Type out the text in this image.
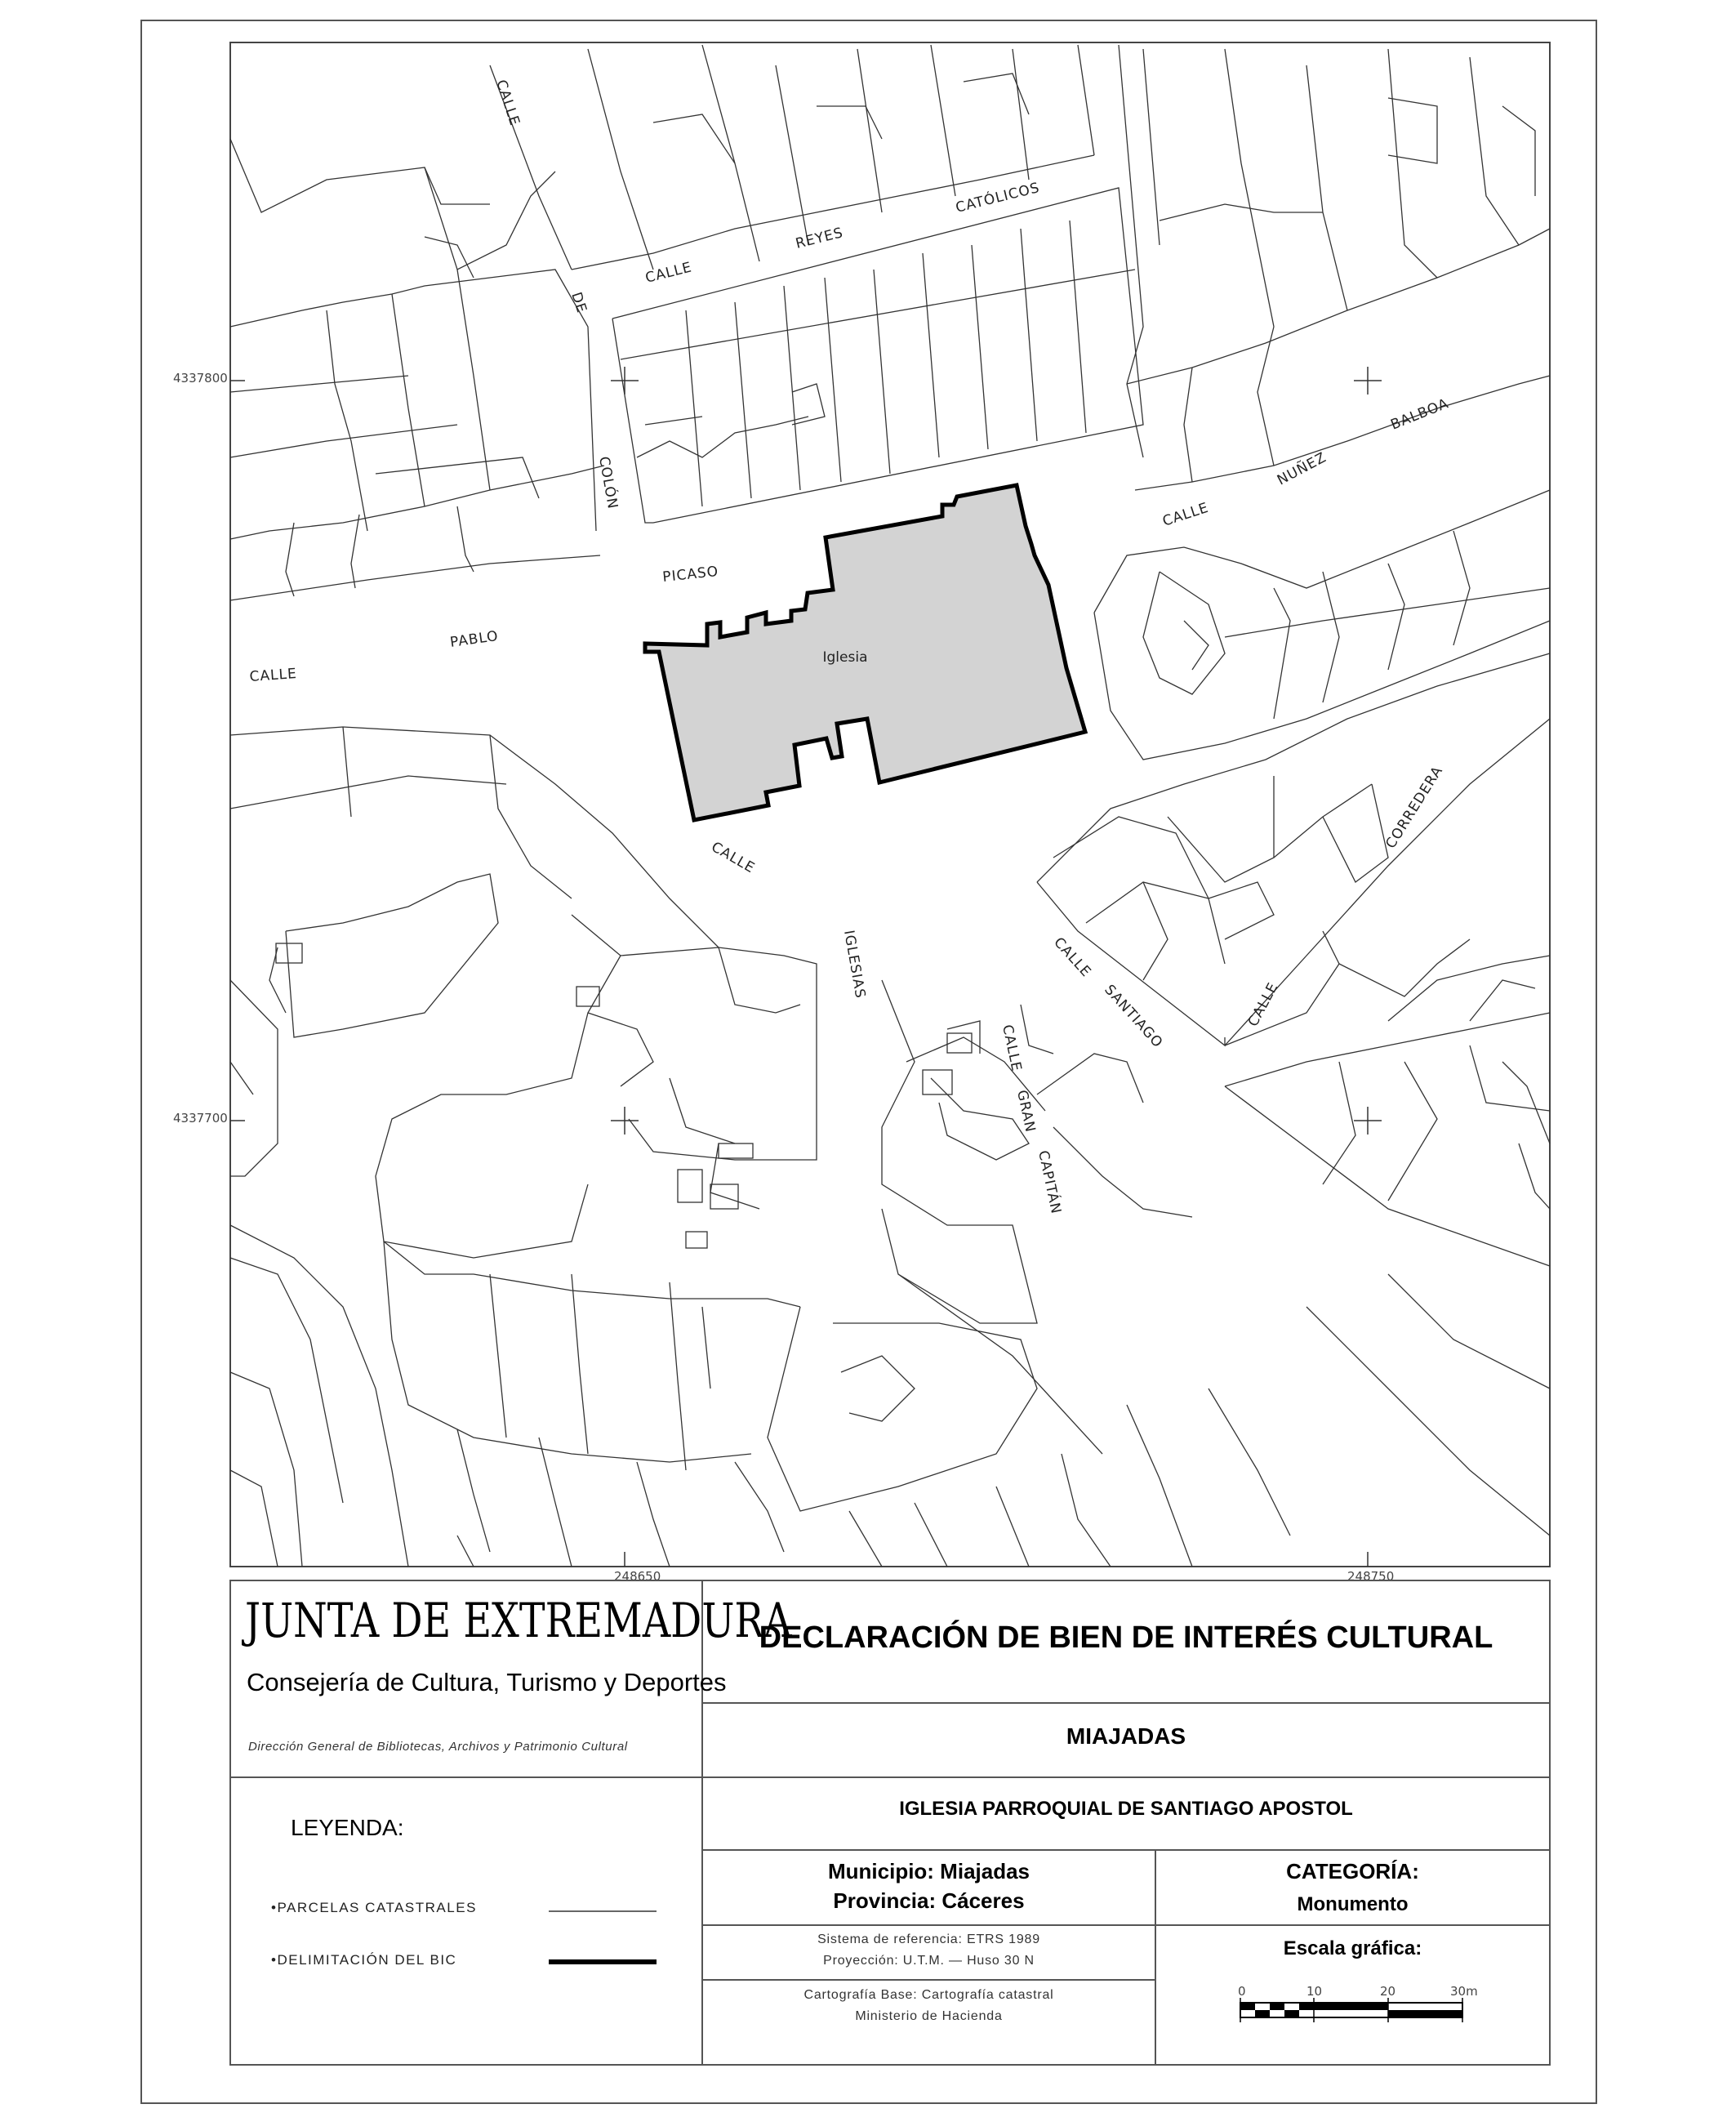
CALLE
DE
COLÓN
CALLE
REYES
CATÓLICOS
PICASO
PABLO
CALLE
CALLE
NUÑEZ
BALBOA
CALLE
IGLESIAS	CALLE
SANTIAGO
CALLE
GRAN
CAPITÁN
CALLE
CORREDERA
Iglesia
4337800
4337700
248650	248750
0	10	20	30m
JUNTA DE EXTREMADURA
Consejería de Cultura, Turismo y Deportes
Dirección General de Bibliotecas, Archivos y Patrimonio Cultural
DECLARACIÓN DE BIEN DE INTERÉS CULTURAL
MIAJADAS
IGLESIA PARROQUIAL DE SANTIAGO APOSTOL
LEYENDA:
•PARCELAS CATASTRALES
•DELIMITACIÓN DEL BIC
Municipio: Miajadas
Provincia: Cáceres
Sistema de referencia: ETRS 1989
Proyección: U.T.M. — Huso 30 N
Cartografía Base: Cartografía catastral
Ministerio de Hacienda
CATEGORÍA:
Monumento
Escala gráfica:
